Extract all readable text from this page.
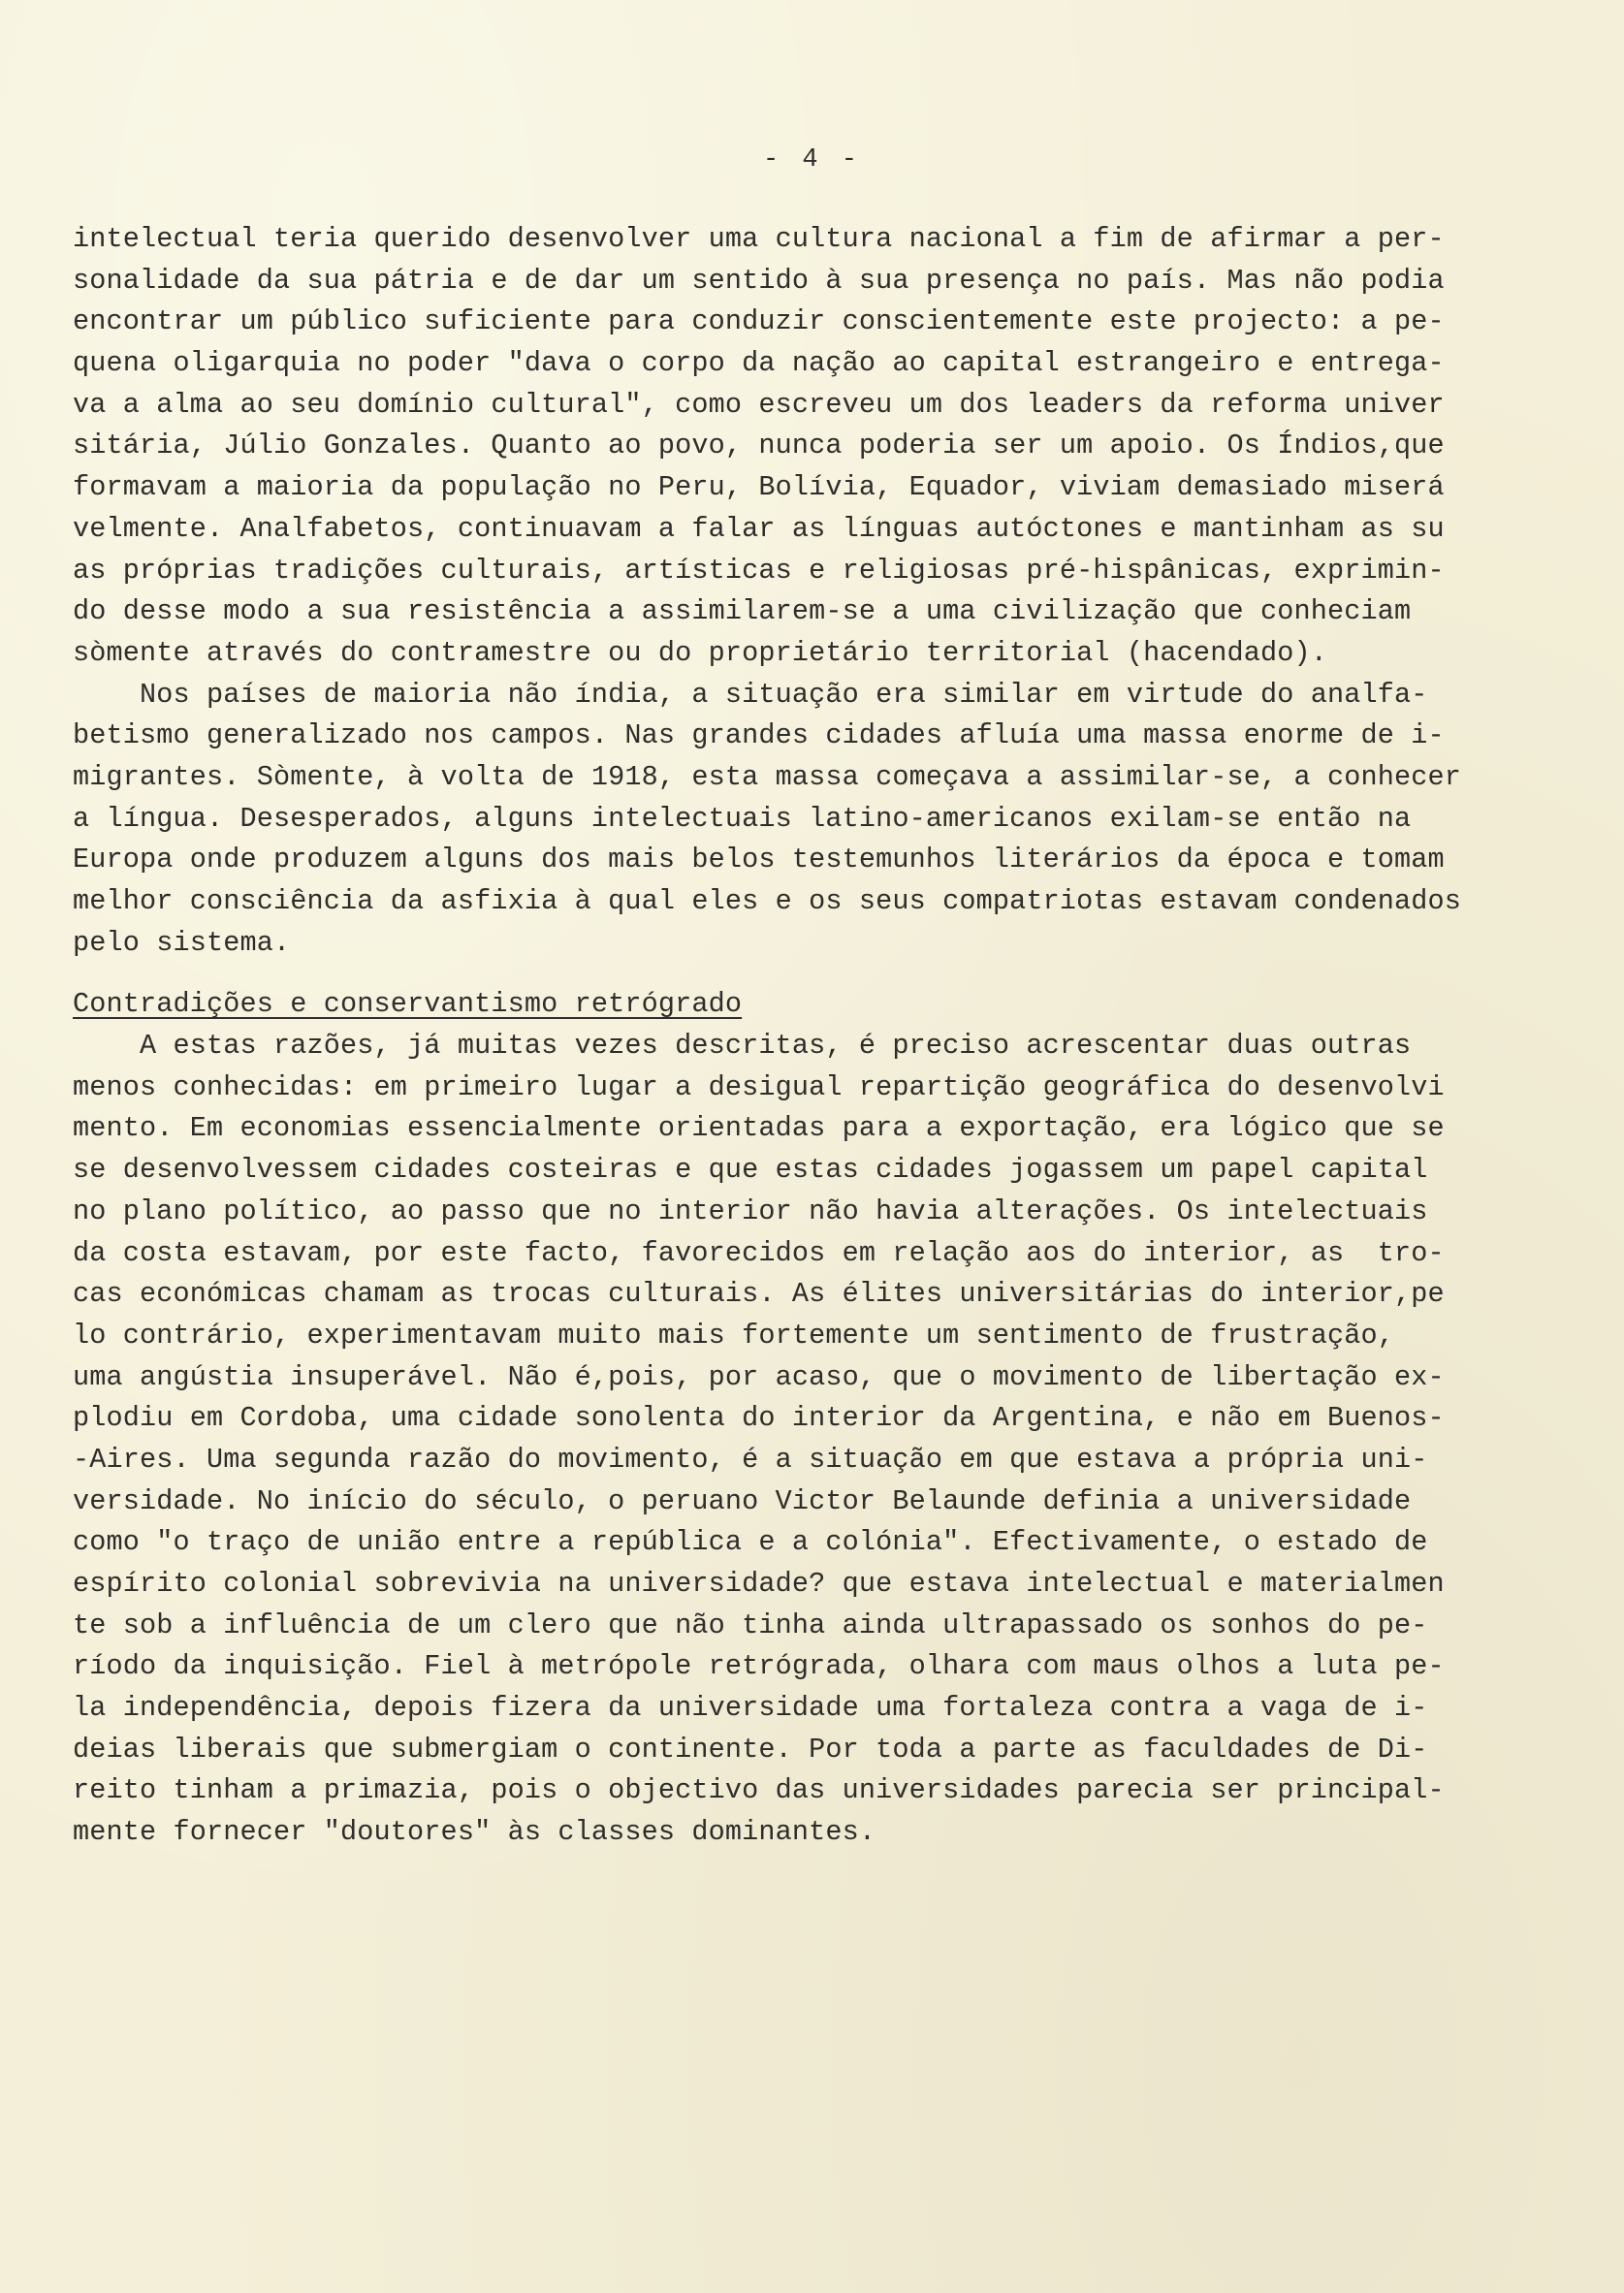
- 4 -

intelectual teria querido desenvolver uma cultura nacional a fim de afirmar a per-
sonalidade da sua pátria e de dar um sentido à sua presença no país. Mas não podia
encontrar um público suficiente para conduzir conscientemente este projecto: a pe-
quena oligarquia no poder "dava o corpo da nação ao capital estrangeiro e entrega-
va a alma ao seu domínio cultural", como escreveu um dos leaders da reforma univer
sitária, Júlio Gonzales. Quanto ao povo, nunca poderia ser um apoio. Os Índios,que
formavam a maioria da população no Peru, Bolívia, Equador, viviam demasiado miserá
velmente. Analfabetos, continuavam a falar as línguas autóctones e mantinham as su
as próprias tradições culturais, artísticas e religiosas pré-hispânicas, exprimin-
do desse modo a sua resistência a assimilarem-se a uma civilização que conheciam
sòmente através do contramestre ou do proprietário territorial (hacendado).
Nos países de maioria não índia, a situação era similar em virtude do analfa-
betismo generalizado nos campos. Nas grandes cidades afluía uma massa enorme de i-
migrantes. Sòmente, à volta de 1918, esta massa começava a assimilar-se, a conhecer
a língua. Desesperados, alguns intelectuais latino-americanos exilam-se então na
Europa onde produzem alguns dos mais belos testemunhos literários da época e tomam
melhor consciência da asfixia à qual eles e os seus compatriotas estavam condenados
pelo sistema.
Contradições e conservantismo retrógrado
A estas razões, já muitas vezes descritas, é preciso acrescentar duas outras
menos conhecidas: em primeiro lugar a desigual repartição geográfica do desenvolvi
mento. Em economias essencialmente orientadas para a exportação, era lógico que se
se desenvolvessem cidades costeiras e que estas cidades jogassem um papel capital
no plano político, ao passo que no interior não havia alterações. Os intelectuais
da costa estavam, por este facto, favorecidos em relação aos do interior, as  tro-
cas económicas chamam as trocas culturais. As élites universitárias do interior,pe
lo contrário, experimentavam muito mais fortemente um sentimento de frustração,
uma angústia insuperável. Não é,pois, por acaso, que o movimento de libertação ex-
plodiu em Cordoba, uma cidade sonolenta do interior da Argentina, e não em Buenos-
-Aires. Uma segunda razão do movimento, é a situação em que estava a própria uni-
versidade. No início do século, o peruano Victor Belaunde definia a universidade
como "o traço de união entre a república e a colónia". Efectivamente, o estado de
espírito colonial sobrevivia na universidade? que estava intelectual e materialmen
te sob a influência de um clero que não tinha ainda ultrapassado os sonhos do pe-
ríodo da inquisição. Fiel à metrópole retrógrada, olhara com maus olhos a luta pe-
la independência, depois fizera da universidade uma fortaleza contra a vaga de i-
deias liberais que submergiam o continente. Por toda a parte as faculdades de Di-
reito tinham a primazia, pois o objectivo das universidades parecia ser principal-
mente fornecer "doutores" às classes dominantes.
